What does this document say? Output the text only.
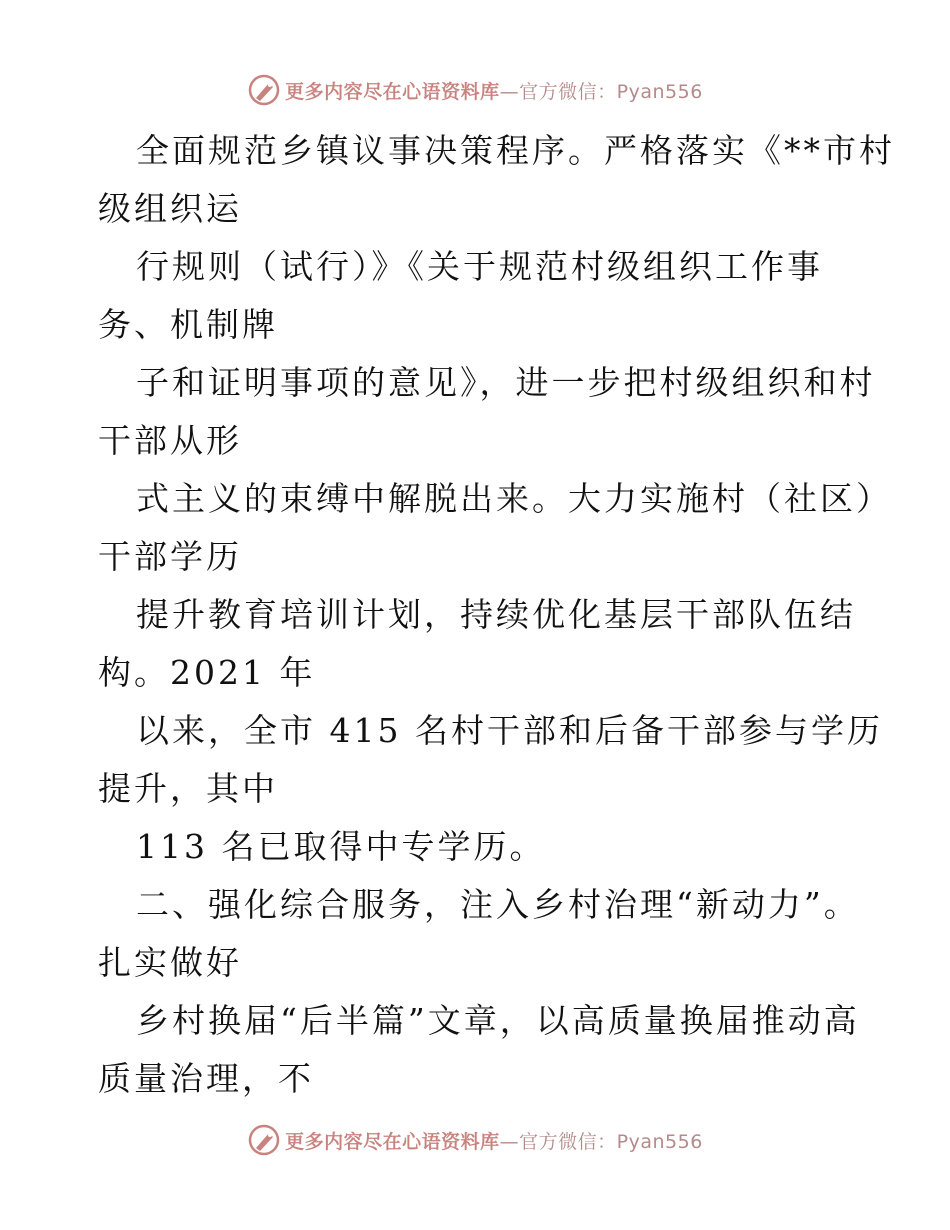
更多内容尽在心语资料库—官方微信：Pyan556
全面规范乡镇议事决策程序。严格落实《**市村
级组织运
行规则（试行）》《关于规范村级组织工作事
务、机制牌
子和证明事项的意见》，进一步把村级组织和村
干部从形
式主义的束缚中解脱出来。大力实施村（社区）
干部学历
提升教育培训计划，持续优化基层干部队伍结
构。2021 年
以来，全市 415 名村干部和后备干部参与学历
提升，其中
113 名已取得中专学历。
二、强化综合服务，注入乡村治理“新动力”。
扎实做好
乡村换届“后半篇”文章，以高质量换届推动高
质量治理，不
更多内容尽在心语资料库—官方微信：Pyan556
